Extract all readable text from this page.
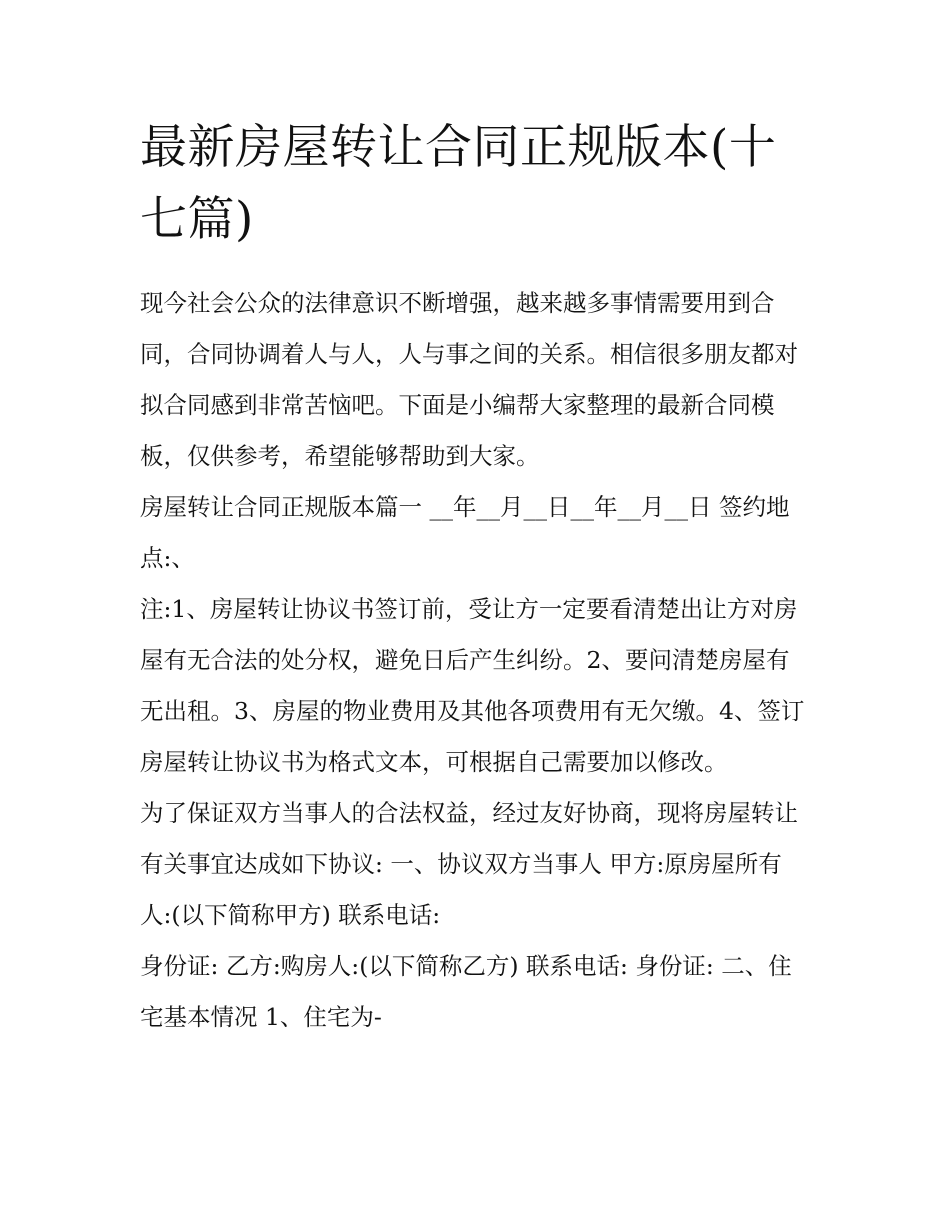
最新房屋转让合同正规版本(十七篇)

现今社会公众的法律意识不断增强，越来越多事情需要用到合同，合同协调着人与人，人与事之间的关系。相信很多朋友都对拟合同感到非常苦恼吧。下面是小编帮大家整理的最新合同模板，仅供参考，希望能够帮助到大家。

房屋转让合同正规版本篇一 __年__月__日__年__月__日 签约地点:、

注:1、房屋转让协议书签订前，受让方一定要看清楚出让方对房屋有无合法的处分权，避免日后产生纠纷。2、要问清楚房屋有无出租。3、房屋的物业费用及其他各项费用有无欠缴。4、签订房屋转让协议书为格式文本，可根据自己需要加以修改。

为了保证双方当事人的合法权益，经过友好协商，现将房屋转让有关事宜达成如下协议: 一、协议双方当事人 甲方:原房屋所有人:(以下简称甲方) 联系电话:

身份证: 乙方:购房人:(以下简称乙方) 联系电话: 身份证: 二、住宅基本情况 1、住宅为-
